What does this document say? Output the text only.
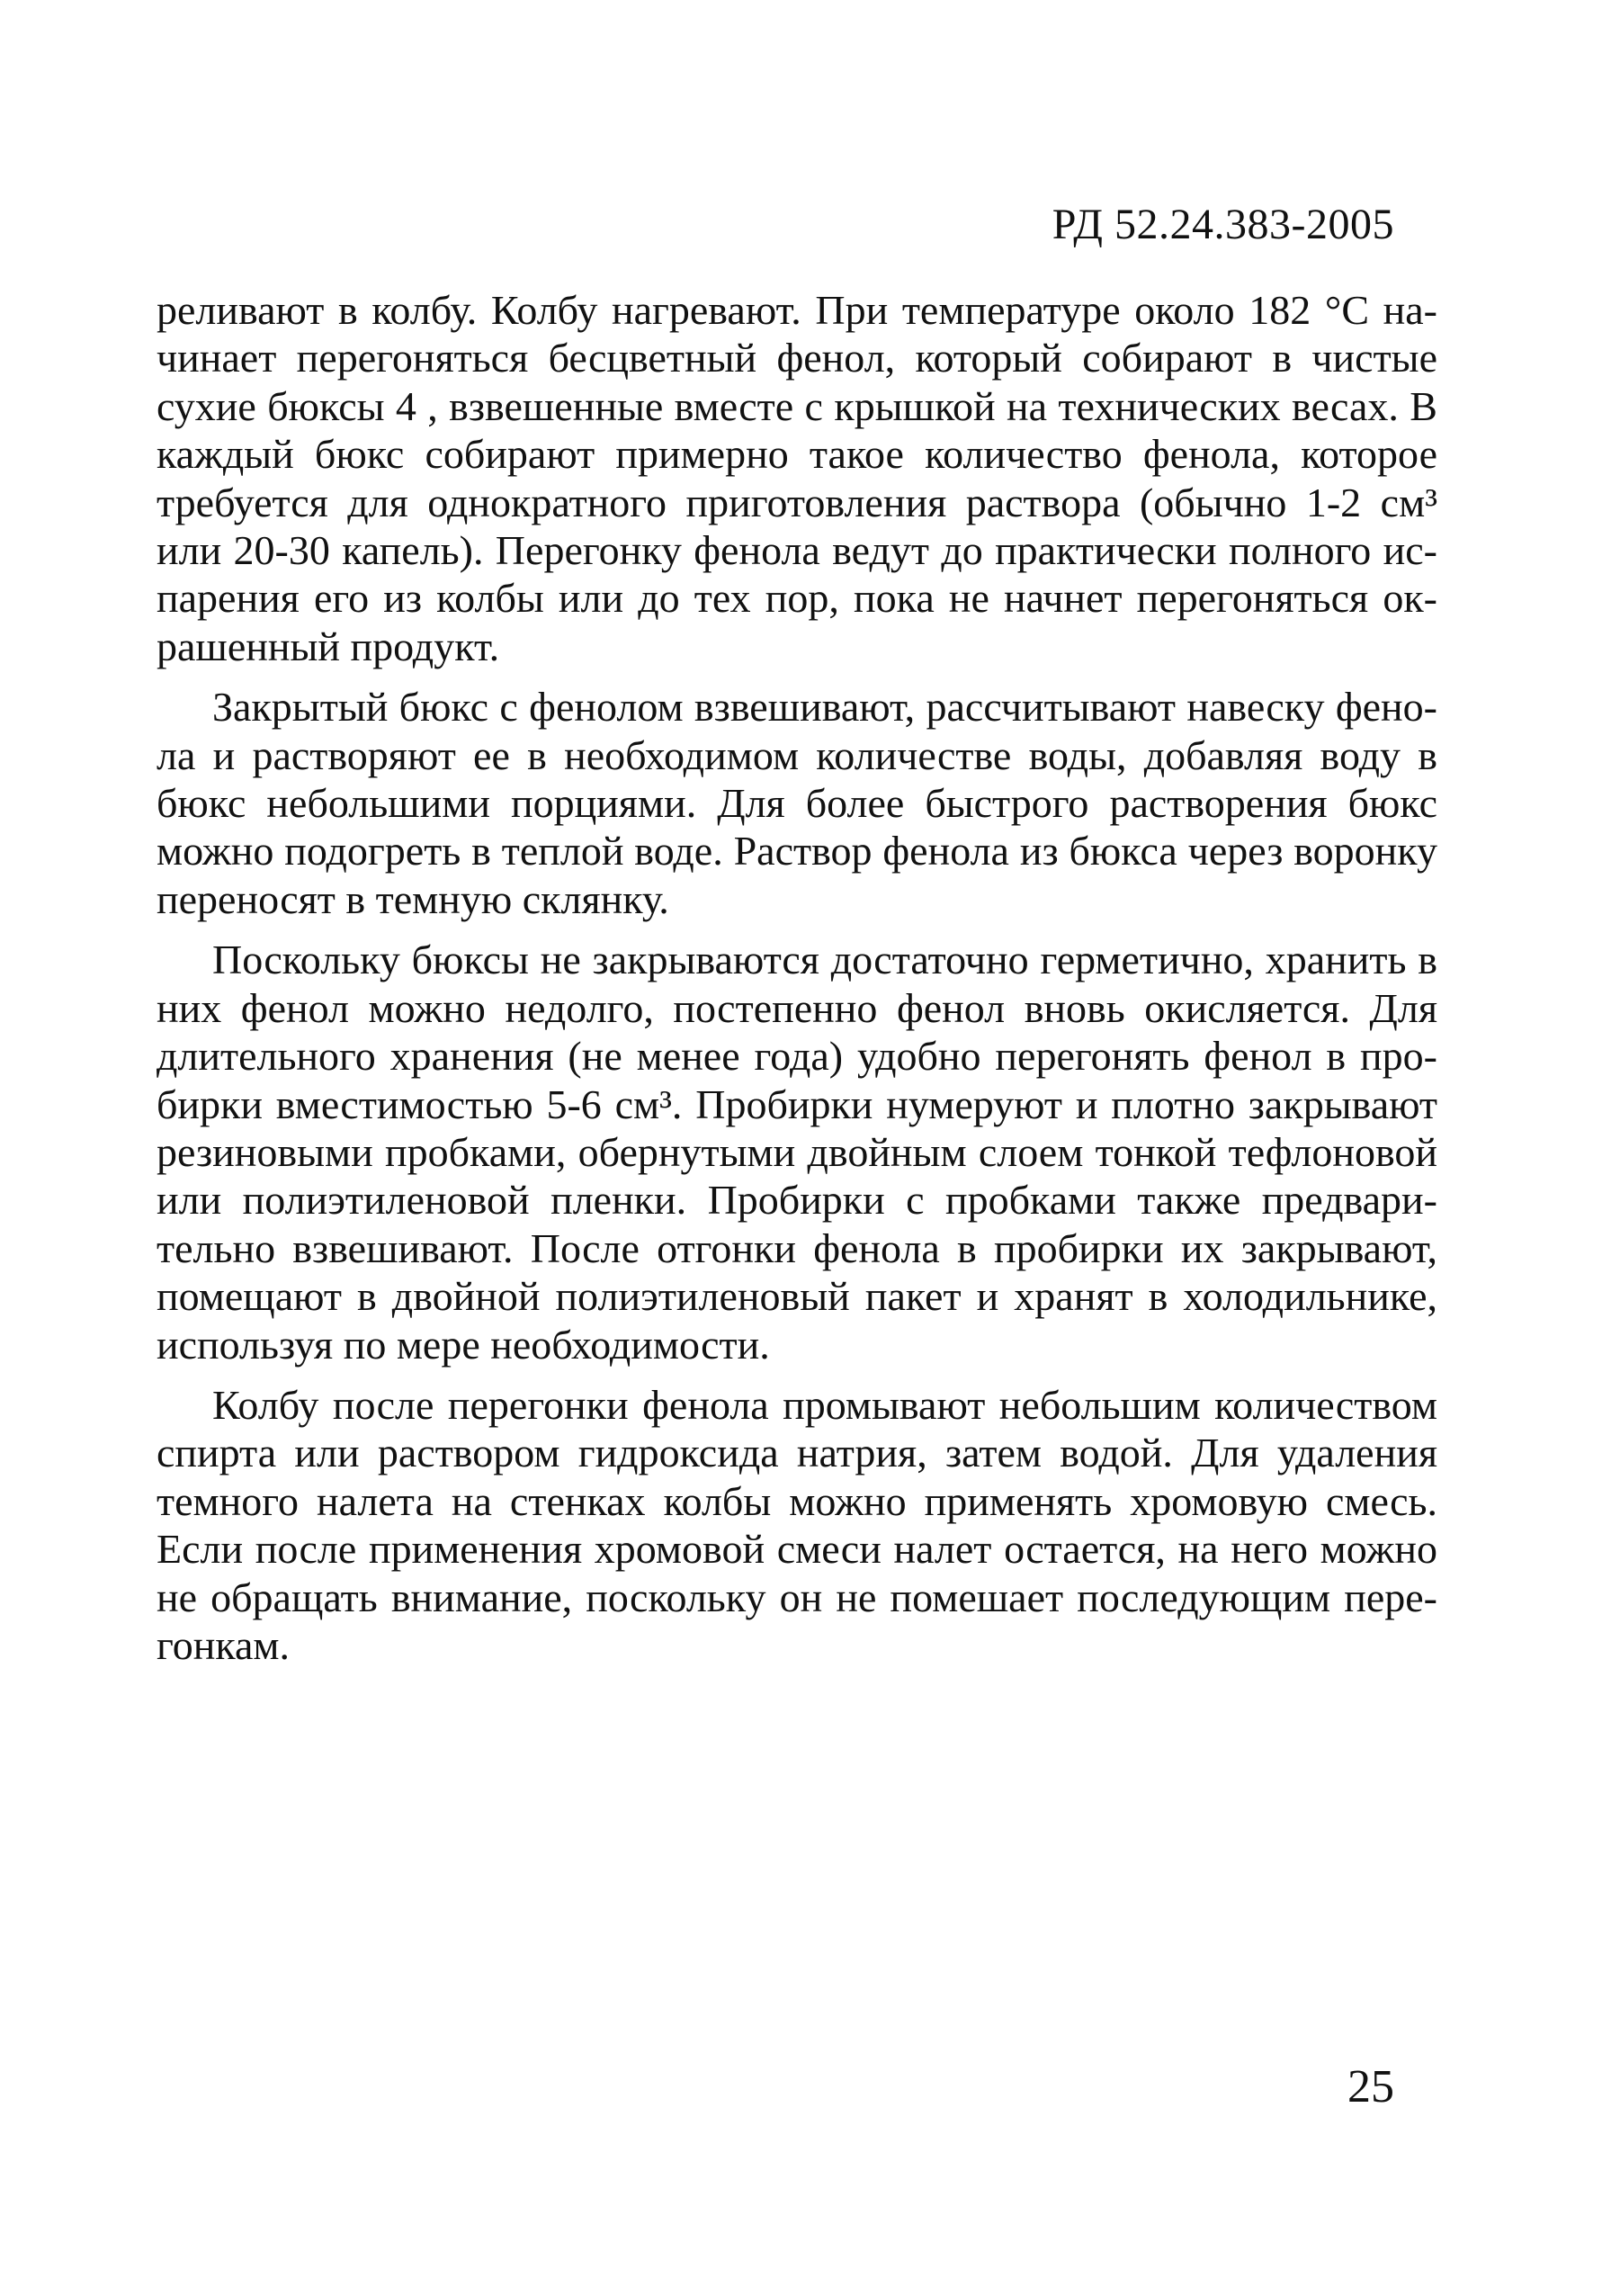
РД 52.24.383-2005
реливают в колбу. Колбу нагревают. При температуре около 182 °С на-
чинает перегоняться бесцветный фенол, который собирают в чистые
сухие бюксы 4 , взвешенные вместе с крышкой на технических весах. В
каждый бюкс собирают примерно такое количество фенола, которое
требуется для однократного приготовления раствора (обычно 1-2 см³
или 20-30 капель). Перегонку фенола ведут до практически полного ис-
парения его из колбы или до тех пор, пока не начнет перегоняться ок-
рашенный продукт.
Закрытый бюкс с фенолом взвешивают, рассчитывают навеску фено-
ла и растворяют ее в необходимом количестве воды, добавляя воду в
бюкс небольшими порциями. Для более быстрого растворения бюкс
можно подогреть в теплой воде. Раствор фенола из бюкса через воронку
переносят в темную склянку.
Поскольку бюксы не закрываются достаточно герметично, хранить в
них фенол можно недолго, постепенно фенол вновь окисляется. Для
длительного хранения (не менее года) удобно перегонять фенол в про-
бирки вместимостью 5-6 см³. Пробирки нумеруют и плотно закрывают
резиновыми пробками, обернутыми двойным слоем тонкой тефлоновой
или полиэтиленовой пленки. Пробирки с пробками также предвари-
тельно взвешивают. После отгонки фенола в пробирки их закрывают,
помещают в двойной полиэтиленовый пакет и хранят в холодильнике,
используя по мере необходимости.
Колбу после перегонки фенола промывают небольшим количеством
спирта или раствором гидроксида натрия, затем водой. Для удаления
темного налета на стенках колбы можно применять хромовую смесь.
Если после применения хромовой смеси налет остается, на него можно
не обращать внимание, поскольку он не помешает последующим пере-
гонкам.
25
